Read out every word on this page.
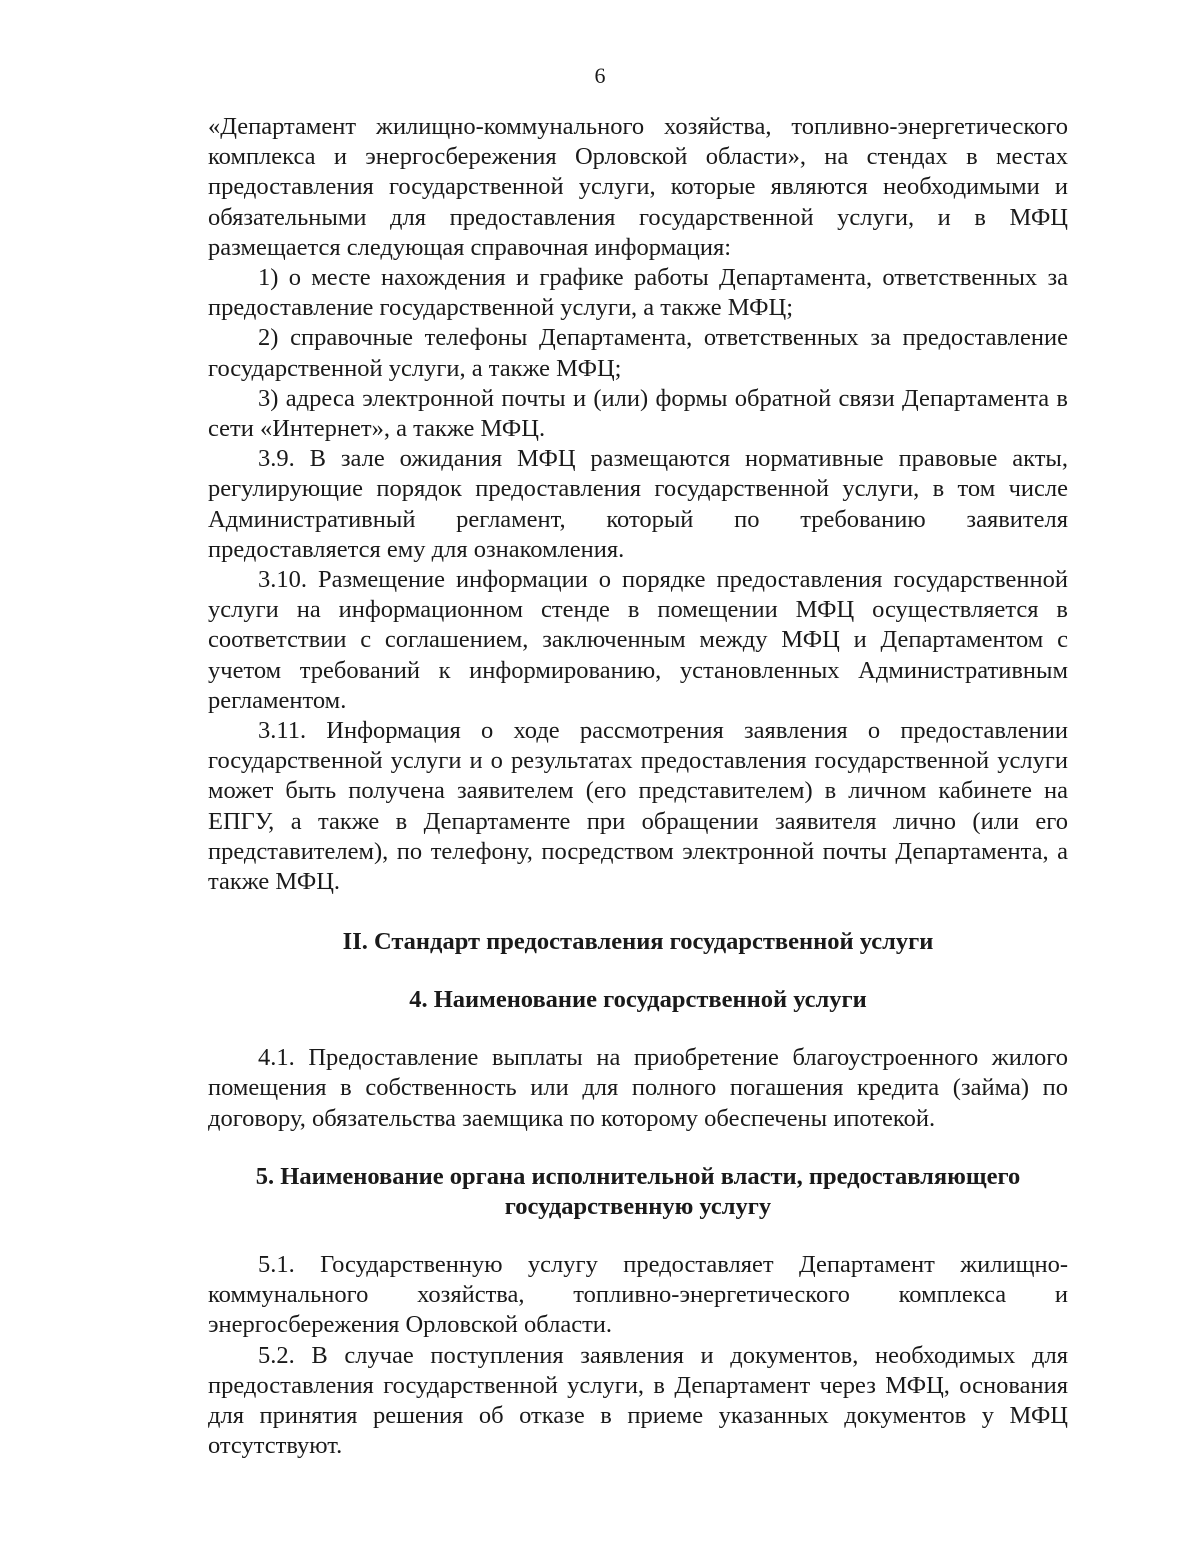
6

«Департамент жилищно-коммунального хозяйства, топливно-энергетического комплекса и энергосбережения Орловской области», на стендах в местах предоставления государственной услуги, которые являются необходимыми и обязательными для предоставления государственной услуги, и в МФЦ размещается следующая справочная информация:

1) о месте нахождения и графике работы Департамента, ответственных за предоставление государственной услуги, а также МФЦ;

2) справочные телефоны Департамента, ответственных за предоставление государственной услуги, а также МФЦ;

3) адреса электронной почты и (или) формы обратной связи Департамента в сети «Интернет», а также МФЦ.

3.9. В зале ожидания МФЦ размещаются нормативные правовые акты, регулирующие порядок предоставления государственной услуги, в том числе Административный регламент, который по требованию заявителя предоставляется ему для ознакомления.

3.10. Размещение информации о порядке предоставления государственной услуги на информационном стенде в помещении МФЦ осуществляется в соответствии с соглашением, заключенным между МФЦ и Департаментом с учетом требований к информированию, установленных Административным регламентом.

3.11. Информация о ходе рассмотрения заявления о предоставлении государственной услуги и о результатах предоставления государственной услуги может быть получена заявителем (его представителем) в личном кабинете на ЕПГУ, а также в Департаменте при обращении заявителя лично (или его представителем), по телефону, посредством электронной почты Департамента, а также МФЦ.

II. Стандарт предоставления государственной услуги
4. Наименование государственной услуги

4.1. Предоставление выплаты на приобретение благоустроенного жилого помещения в собственность или для полного погашения кредита (займа) по договору, обязательства заемщика по которому обеспечены ипотекой.

5. Наименование органа исполнительной власти, предоставляющего
государственную услугу

5.1. Государственную услугу предоставляет Департамент жилищно-коммунального хозяйства, топливно-энергетического комплекса и энергосбережения Орловской области.

5.2. В случае поступления заявления и документов, необходимых для предоставления государственной услуги, в Департамент через МФЦ, основания для принятия решения об отказе в приеме указанных документов у МФЦ отсутствуют.
